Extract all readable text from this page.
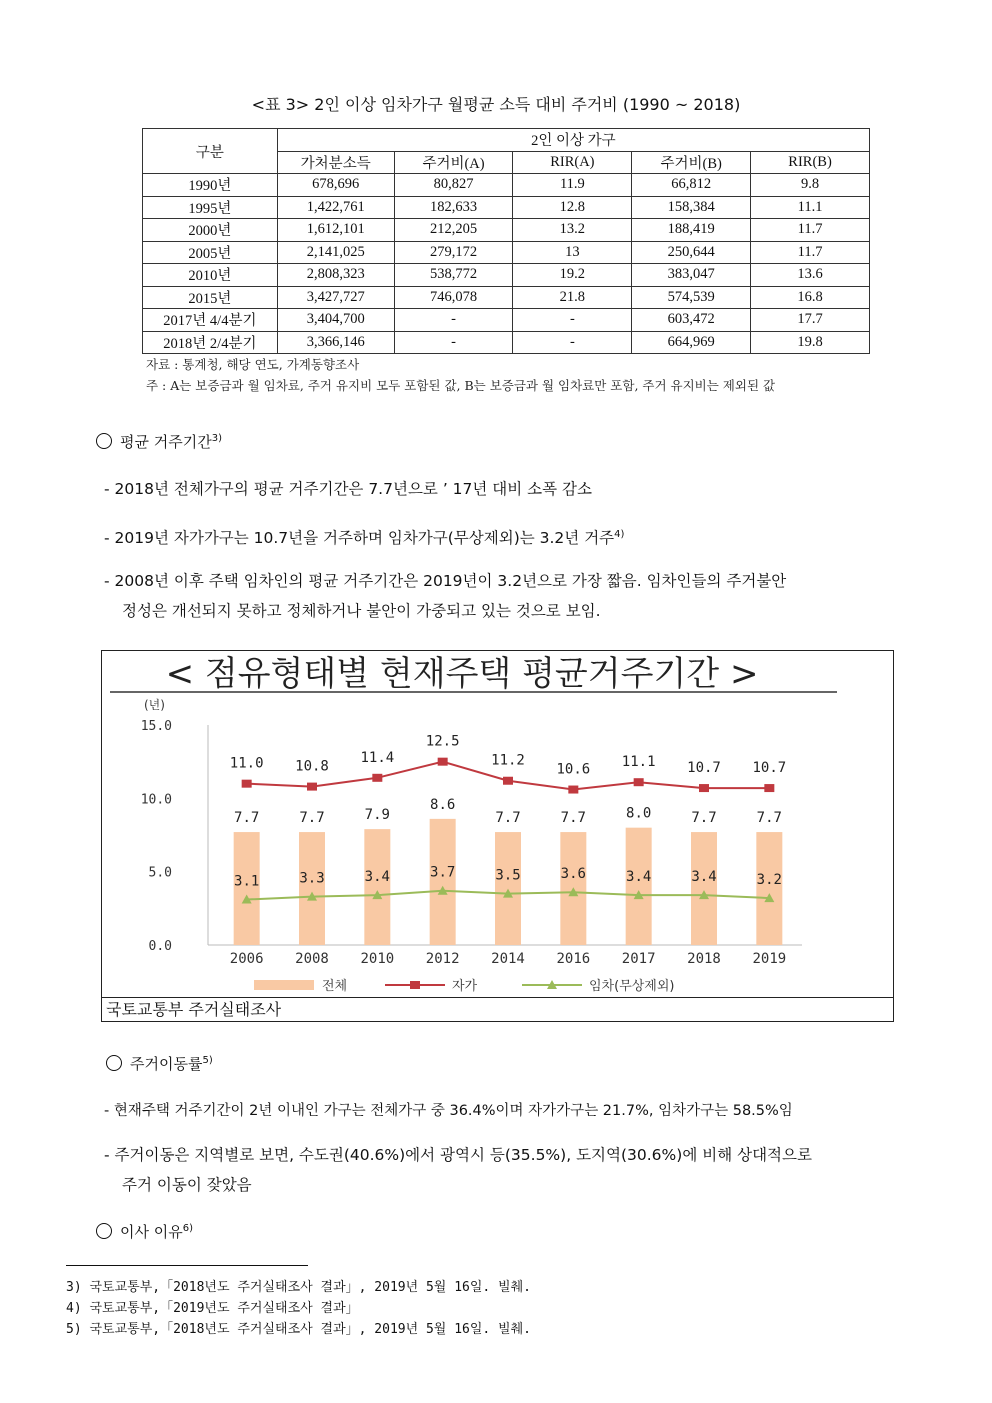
<표 3> 2인 이상 임차가구 월평균 소득 대비 주거비 (1990 ~ 2018)
구분	2인 이상 가구				
	가처분소득	주거비(A)	RIR(A)	주거비(B)	RIR(B)
1990년	678,696	80,827	11.9	66,812	9.8
1995년	1,422,761	182,633	12.8	158,384	11.1
2000년	1,612,101	212,205	13.2	188,419	11.7
2005년	2,141,025	279,172	13	250,644	11.7
2010년	2,808,323	538,772	19.2	383,047	13.6
2015년	3,427,727	746,078	21.8	574,539	16.8
2017년 4/4분기	3,404,700	-	-	603,472	17.7
2018년 2/4분기	3,366,146	-	-	664,969	19.8
자료 : 통계청, 해당 연도, 가계동향조사
주 : A는 보증금과 월 임차료, 주거 유지비 모두 포함된 값, B는 보증금과 월 임차료만 포함, 주거 유지비는 제외된 값
평균 거주기간$^{3)}$
- 2018년 전체가구의 평균 거주기간은 7.7년으로 ’ 17년 대비 소폭 감소
- 2019년 자가가구는 10.7년을 거주하며 임차가구(무상제외)는 3.2년 거주$^{4)}$
- 2008년 이후 주택 임차인의 평균 거주기간은 2019년이 3.2년으로 가장 짧음. 임차인들의 주거불안
정성은 개선되지 못하고 정체하거나 불안이 가중되고 있는 것으로 보임.
< 점유형태별 현재주택 평균거주기간 >
(년)
7.7	7.7	7.9
8.6
7.7	7.7	8.0	7.7	7.7
11.0 10.8
11.4
12.5
11.2
10.6 11.1 10.7 10.7
3.1	3.3	3.4	3.7	3.5	3.6	3.4	3.4	3.2
0.0
5.0
10.0
15.0
2006 2008 2010 2012 2014 2016 2017 2018 2019
전체	자가	임차(무상제외)
국토교통부 주거실태조사
주거이동률$^{5)}$
- 현재주택 거주기간이 2년 이내인 가구는 전체가구 중 36.4%이며 자가가구는 21.7%, 임차가구는 58.5%임
- 주거이동은 지역별로 보면, 수도권(40.6%)에서 광역시 등(35.5%), 도지역(30.6%)에 비해 상대적으로
주거 이동이 잦았음
이사 이유$^{6)}$
3) 국토교통부,「2018년도 주거실태조사 결과」, 2019년 5월 16일. 빌췌.
4) 국토교통부,「2019년도 주거실태조사 결과」
5) 국토교통부,「2018년도 주거실태조사 결과」, 2019년 5월 16일. 빌췌.
